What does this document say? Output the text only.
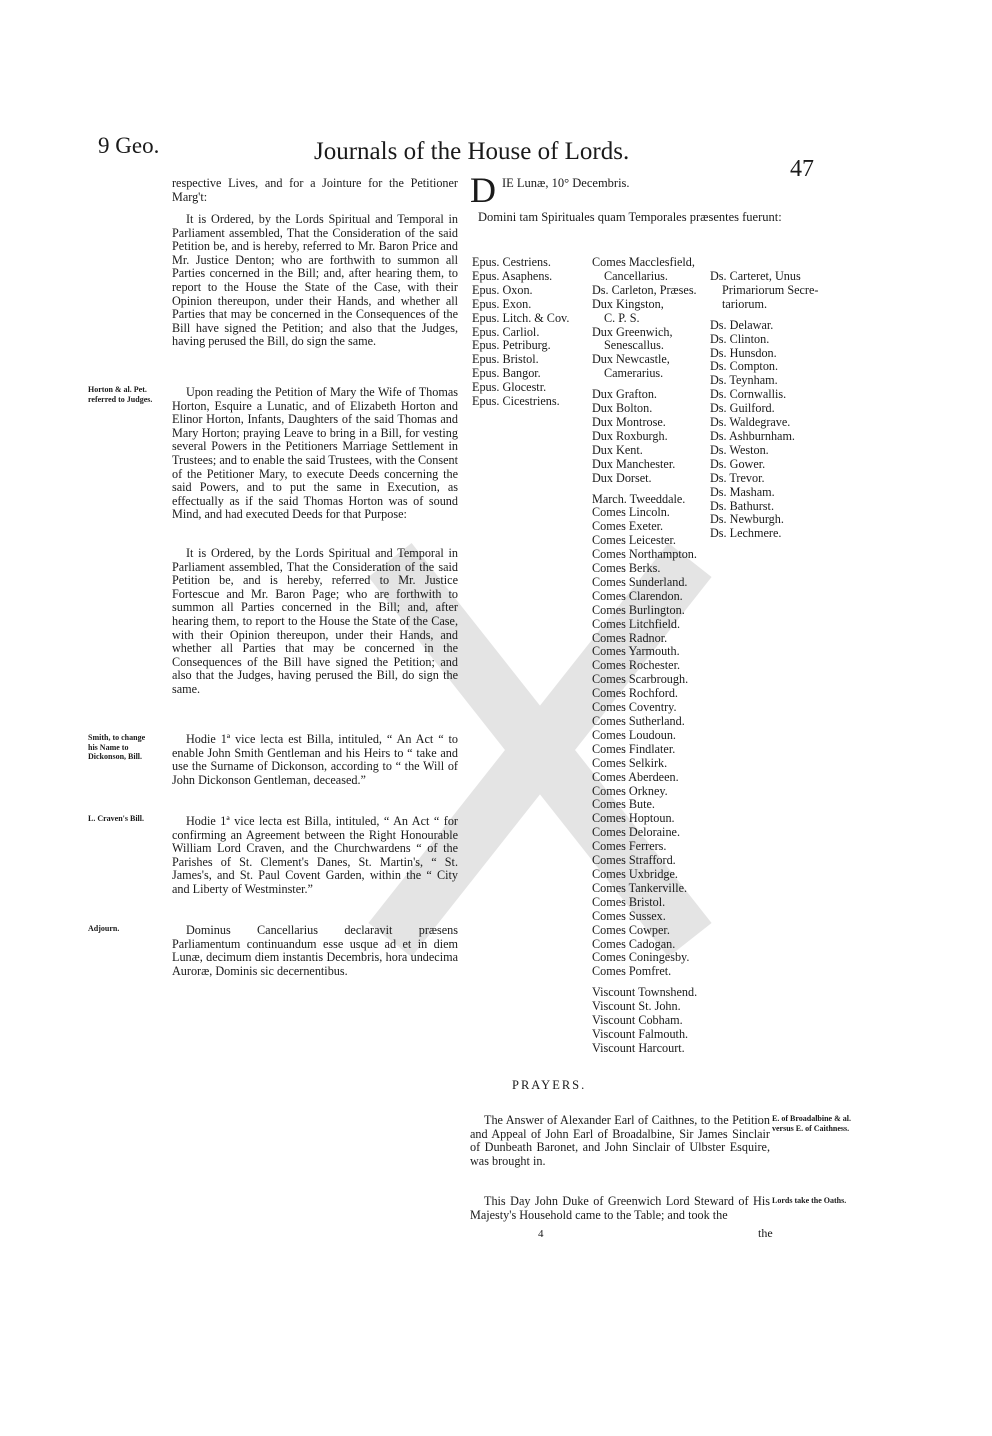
9 Geo.	Journals of the House of Lords.
47

respective Lives, and for a Jointure for the Petitioner Marg't:

It is Ordered, by the Lords Spiritual and Temporal in Parliament assembled, That the Consideration of the said Petition be, and is hereby, referred to Mr. Baron Price and Mr. Justice Denton; who are forthwith to summon all Parties concerned in the Bill; and, after hearing them, to report to the House the State of the Case, with their Opinion thereupon, under their Hands, and whether all Parties that may be concerned in the Consequences of the Bill have signed the Petition; and also that the Judges, having perused the Bill, do sign the same.

Horton & al. Pet. referred to Judges.	Upon reading the Petition of Mary the Wife of Thomas Horton, Esquire a Lunatic, and of Elizabeth Horton and Elinor Horton, Infants, Daughters of the said Thomas and Mary Horton; praying Leave to bring in a Bill, for vesting several Powers in the Petitioners Marriage Settlement in Trustees; and to enable the said Trustees, with the Consent of the Petitioner Mary, to execute Deeds concerning the said Powers, and to put the same in Execution, as effectually as if the said Thomas Horton was of sound Mind, and had executed Deeds for that Purpose:

It is Ordered, by the Lords Spiritual and Temporal in Parliament assembled, That the Consideration of the said Petition be, and is hereby, referred to Mr. Justice Fortescue and Mr. Baron Page; who are forthwith to summon all Parties concerned in the Bill; and, after hearing them, to report to the House the State of the Case, with their Opinion thereupon, under their Hands, and whether all Parties that may be concerned in the Consequences of the Bill have signed the Petition; and also that the Judges, having perused the Bill, do sign the same.

Smith, to change his Name to Dickonson, Bill.

Hodie 1ª vice lecta est Billa, intituled, “ An Act “ to enable John Smith Gentleman and his Heirs to “ take and use the Surname of Dickonson, according to “ the Will of John Dickonson Gentleman, deceased.”

L. Craven's Bill.	Hodie 1ª vice lecta est Billa, intituled, “ An Act “ for confirming an Agreement between the Right Honourable William Lord Craven, and the Churchwardens “ of the Parishes of St. Clement's Danes, St. Martin's, “ St. James's, and St. Paul Covent Garden, within the “ City and Liberty of Westminster.”

Adjourn.	Dominus Cancellarius declaravit præsens Parliamentum continuandum esse usque ad et in diem Lunæ, decimum diem instantis Decembris, hora undecima Auroræ, Dominis sic decernentibus.

D IE Lunæ, 10° Decembris.
Domini tam Spirituales quam Temporales præsentes fuerunt:
Epus. Cestriens.
Epus. Asaphens.
Epus. Oxon.
Epus. Exon.
Epus. Litch. & Cov.
Epus. Carliol.
Epus. Petriburg.
Epus. Bristol.
Epus. Bangor.
Epus. Glocestr.
Epus. Cicestriens.
Comes Macclesfield,
Cancellarius.
Ds. Carleton, Præses.
Dux Kingston,
C. P. S.
Dux Greenwich,
Senescallus.
Dux Newcastle,
Camerarius.
Dux Grafton.
Dux Bolton.
Dux Montrose.
Dux Roxburgh.
Dux Kent.
Dux Manchester.
Dux Dorset.
March. Tweeddale.
Comes Lincoln.
Comes Exeter.
Comes Leicester.
Comes Northampton.
Comes Berks.
Comes Sunderland.
Comes Clarendon.
Comes Burlington.
Comes Litchfield.
Comes Radnor.
Comes Yarmouth.
Comes Rochester.
Comes Scarbrough.
Comes Rochford.
Comes Coventry.
Comes Sutherland.
Comes Loudoun.
Comes Findlater.
Comes Selkirk.
Comes Aberdeen.
Comes Orkney.
Comes Bute.
Comes Hoptoun.
Comes Deloraine.
Comes Ferrers.
Comes Strafford.
Comes Uxbridge.
Comes Tankerville.
Comes Bristol.
Comes Sussex.
Comes Cowper.
Comes Cadogan.
Comes Coningesby.
Comes Pomfret.
Viscount Townshend.
Viscount St. John.
Viscount Cobham.
Viscount Falmouth.
Viscount Harcourt.
Ds. Carteret, Unus
Primariorum Secre-
tariorum.
Ds. Delawar.
Ds. Clinton.
Ds. Hunsdon.
Ds. Compton.
Ds. Teynham.
Ds. Cornwallis.
Ds. Guilford.
Ds. Waldegrave.
Ds. Ashburnham.
Ds. Weston.
Ds. Gower.
Ds. Trevor.
Ds. Masham.
Ds. Bathurst.
Ds. Newburgh.
Ds. Lechmere.
PRAYERS.

The Answer of Alexander Earl of Caithnes, to the Petition and Appeal of John Earl of Broadalbine, Sir James Sinclair of Dunbeath Baronet, and John Sinclair of Ulbster Esquire, was brought in.

E. of Broadalbine & al. versus E. of Caithness.

This Day John Duke of Greenwich Lord Steward of His Majesty's Household came to the Table; and took the

Lords take the Oaths.
4	the
